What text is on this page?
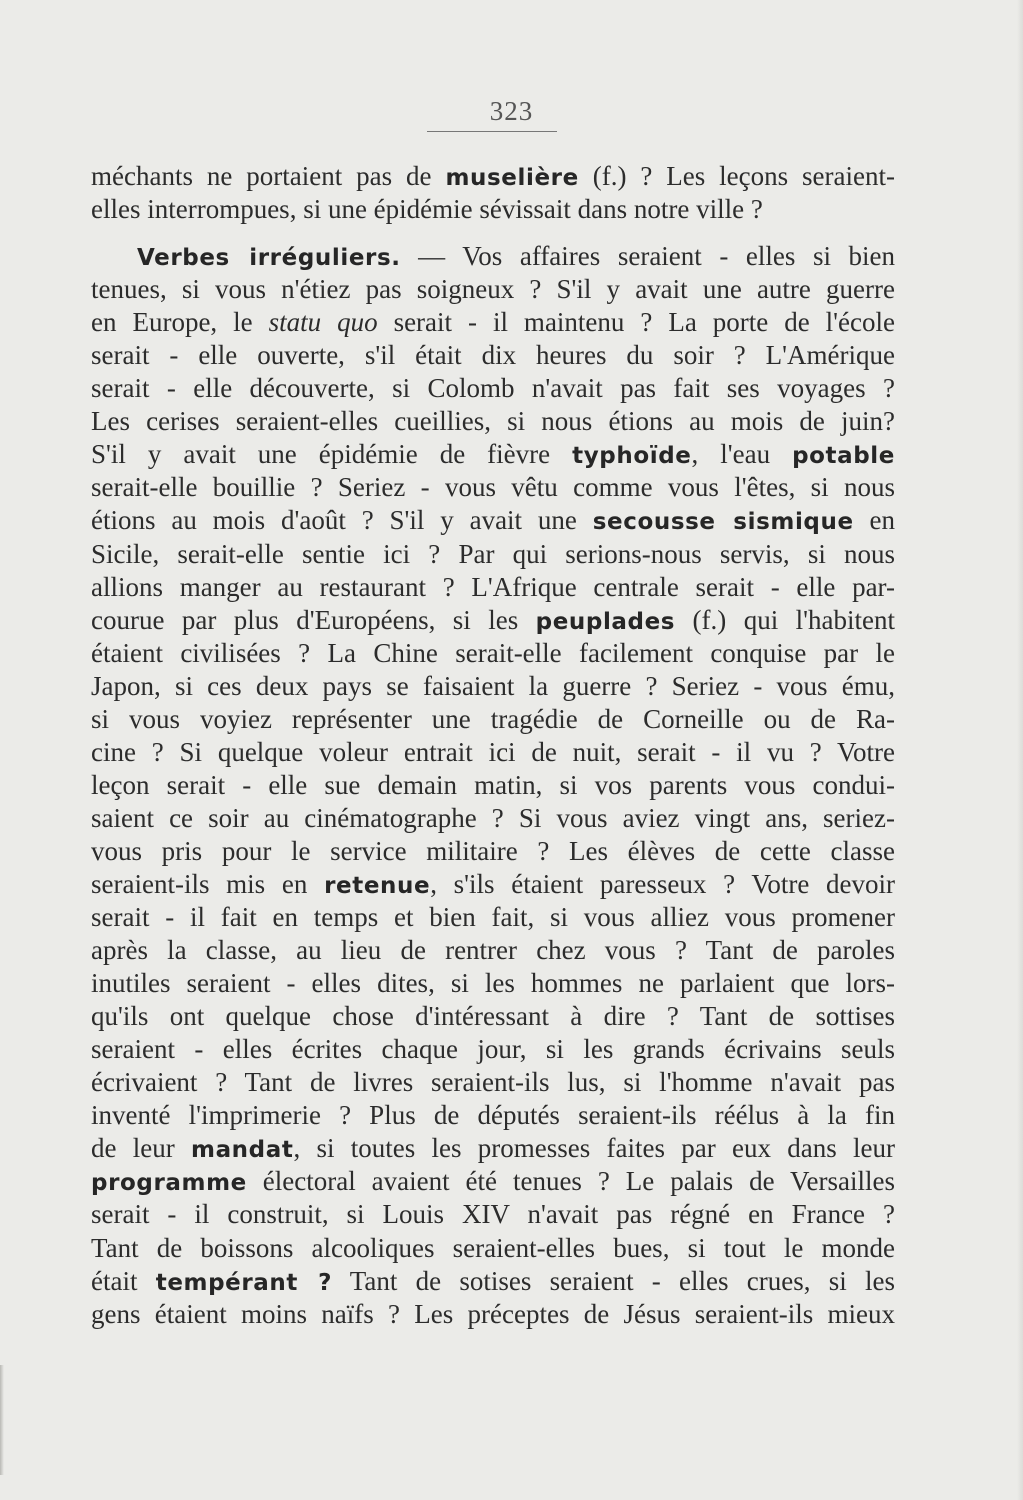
323
méchants ne portaient pas de muselière (f.) ? Les leçons seraient-
elles interrompues, si une épidémie sévissait dans notre ville ?
Verbes irréguliers. — Vos affaires seraient - elles si bien
tenues, si vous n'étiez pas soigneux ? S'il y avait une autre guerre
en Europe, le statu quo serait - il maintenu ? La porte de l'école
serait - elle ouverte, s'il était dix heures du soir ? L'Amérique
serait - elle découverte, si Colomb n'avait pas fait ses voyages ?
Les cerises seraient-elles cueillies, si nous étions au mois de juin?
S'il y avait une épidémie de fièvre typhoïde, l'eau potable
serait-elle bouillie ? Seriez - vous vêtu comme vous l'êtes, si nous
étions au mois d'août ? S'il y avait une secousse sismique en
Sicile, serait-elle sentie ici ? Par qui serions-nous servis, si nous
allions manger au restaurant ? L'Afrique centrale serait - elle par-
courue par plus d'Européens, si les peuplades (f.) qui l'habitent
étaient civilisées ? La Chine serait-elle facilement conquise par le
Japon, si ces deux pays se faisaient la guerre ? Seriez - vous ému,
si vous voyiez représenter une tragédie de Corneille ou de Ra-
cine ? Si quelque voleur entrait ici de nuit, serait - il vu ? Votre
leçon serait - elle sue demain matin, si vos parents vous condui-
saient ce soir au cinématographe ? Si vous aviez vingt ans, seriez-
vous pris pour le service militaire ? Les élèves de cette classe
seraient-ils mis en retenue, s'ils étaient paresseux ? Votre devoir
serait - il fait en temps et bien fait, si vous alliez vous promener
après la classe, au lieu de rentrer chez vous ? Tant de paroles
inutiles seraient - elles dites, si les hommes ne parlaient que lors-
qu'ils ont quelque chose d'intéressant à dire ? Tant de sottises
seraient - elles écrites chaque jour, si les grands écrivains seuls
écrivaient ? Tant de livres seraient-ils lus, si l'homme n'avait pas
inventé l'imprimerie ? Plus de députés seraient-ils réélus à la fin
de leur mandat, si toutes les promesses faites par eux dans leur
programme électoral avaient été tenues ? Le palais de Versailles
serait - il construit, si Louis XIV n'avait pas régné en France ?
Tant de boissons alcooliques seraient-elles bues, si tout le monde
était tempérant ? Tant de sotises seraient - elles crues, si les
gens étaient moins naïfs ? Les préceptes de Jésus seraient-ils mieux
